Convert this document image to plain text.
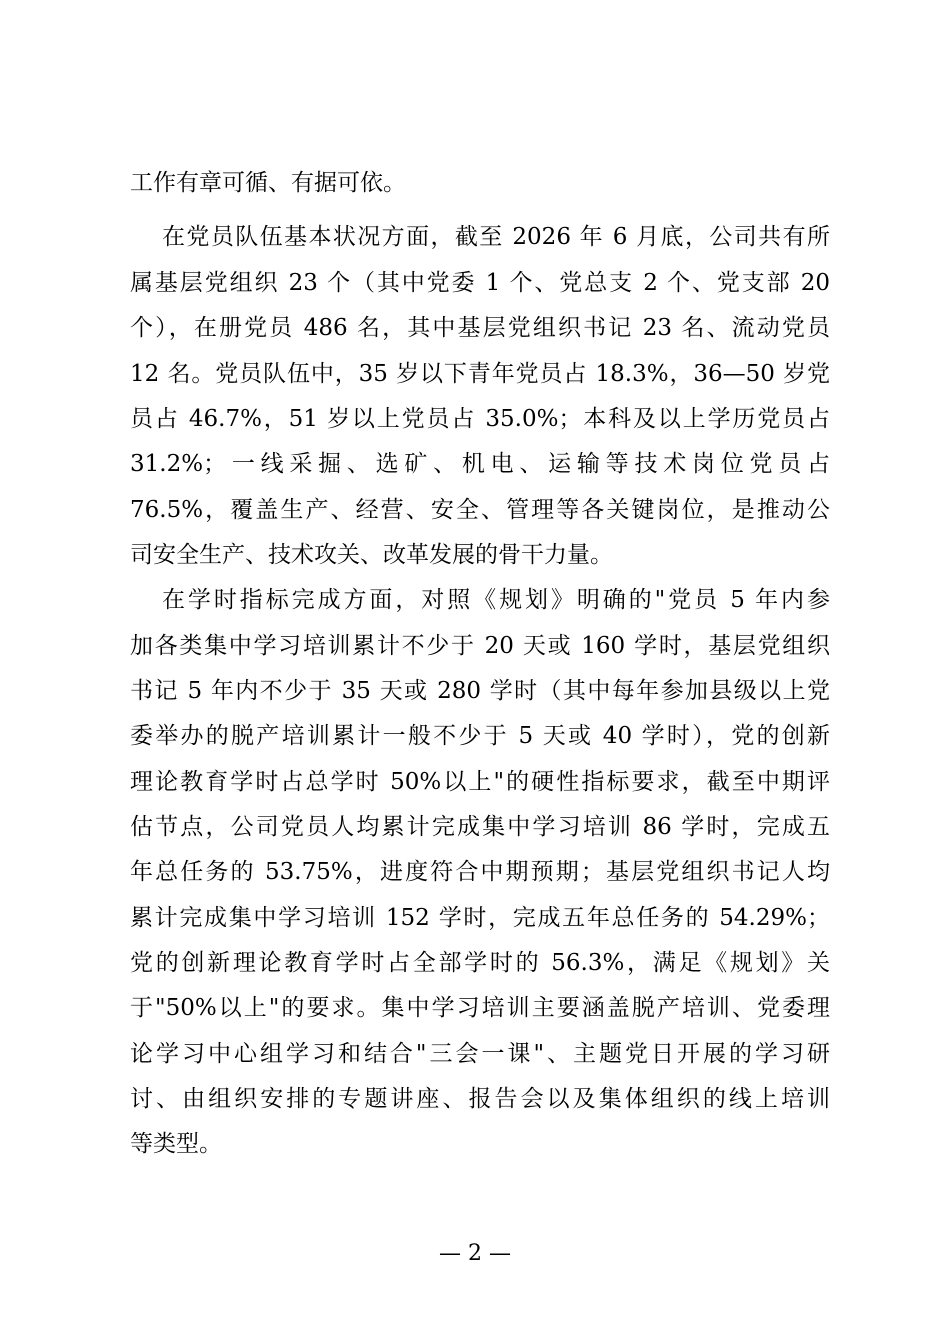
工作有章可循、有据可依。
在党员队伍基本状况方面，截至 2026 年 6 月底，公司共有所
属基层党组织 23 个（其中党委 1 个、党总支 2 个、党支部 20
个），在册党员 486 名，其中基层党组织书记 23 名、流动党员
12 名。党员队伍中，35 岁以下青年党员占 18.3%，36—50 岁党
员占 46.7%，51 岁以上党员占 35.0%；本科及以上学历党员占
31.2%；一线采掘、选矿、机电、运输等技术岗位党员占
76.5%，覆盖生产、经营、安全、管理等各关键岗位，是推动公
司安全生产、技术攻关、改革发展的骨干力量。
在学时指标完成方面，对照《规划》明确的"党员 5 年内参
加各类集中学习培训累计不少于 20 天或 160 学时，基层党组织
书记 5 年内不少于 35 天或 280 学时（其中每年参加县级以上党
委举办的脱产培训累计一般不少于 5 天或 40 学时），党的创新
理论教育学时占总学时 50%以上"的硬性指标要求，截至中期评
估节点，公司党员人均累计完成集中学习培训 86 学时，完成五
年总任务的 53.75%，进度符合中期预期；基层党组织书记人均
累计完成集中学习培训 152 学时，完成五年总任务的 54.29%；
党的创新理论教育学时占全部学时的 56.3%，满足《规划》关
于"50%以上"的要求。集中学习培训主要涵盖脱产培训、党委理
论学习中心组学习和结合"三会一课"、主题党日开展的学习研
讨、由组织安排的专题讲座、报告会以及集体组织的线上培训
等类型。
— 2 —
